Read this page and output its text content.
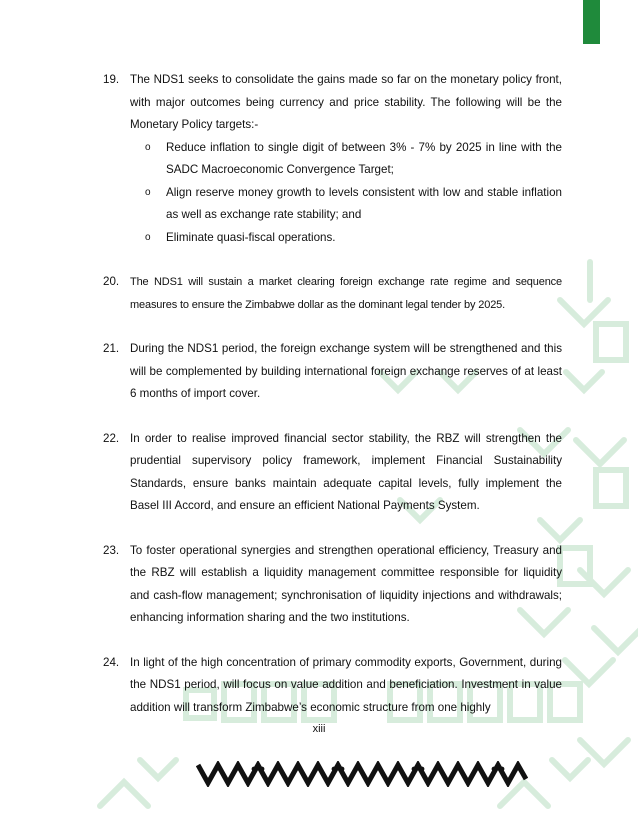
19. The NDS1 seeks to consolidate the gains made so far on the monetary policy front, with major outcomes being currency and price stability. The following will be the Monetary Policy targets:-
o Reduce inflation to single digit of between 3% - 7% by 2025 in line with the SADC Macroeconomic Convergence Target;
o Align reserve money growth to levels consistent with low and stable inflation as well as exchange rate stability; and
o Eliminate quasi-fiscal operations.
20. The NDS1 will sustain a market clearing foreign exchange rate regime and sequence measures to ensure the Zimbabwe dollar as the dominant legal tender by 2025.
21. During the NDS1 period, the foreign exchange system will be strengthened and this will be complemented by building international foreign exchange reserves of at least 6 months of import cover.
22. In order to realise improved financial sector stability, the RBZ will strengthen the prudential supervisory policy framework, implement Financial Sustainability Standards, ensure banks maintain adequate capital levels, fully implement the Basel III Accord, and ensure an efficient National Payments System.
23. To foster operational synergies and strengthen operational efficiency, Treasury and the RBZ will establish a liquidity management committee responsible for liquidity and cash-flow management; synchronisation of liquidity injections and withdrawals; enhancing information sharing and the two institutions.
24. In light of the high concentration of primary commodity exports, Government, during the NDS1 period, will focus on value addition and beneficiation. Investment in value addition will transform Zimbabwe’s economic structure from one highly
xiii
